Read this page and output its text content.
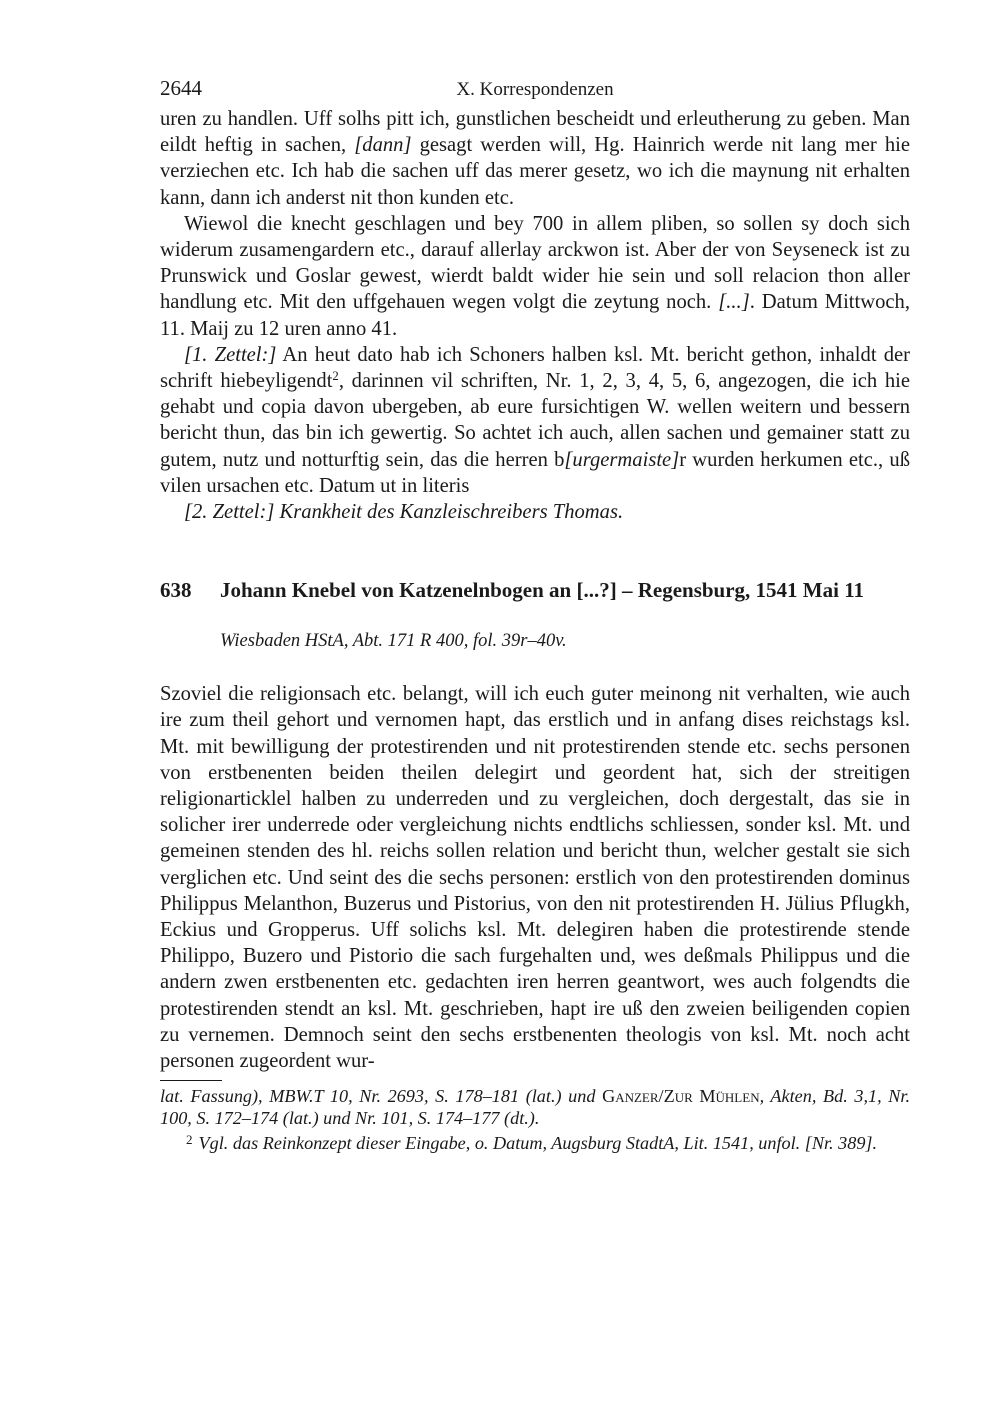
2644	X. Korrespondenzen

uren zu handlen. Uff solhs pitt ich, gunstlichen bescheidt und erleutherung zu geben. Man eildt heftig in sachen, [dann] gesagt werden will, Hg. Hainrich werde nit lang mer hie verziechen etc. Ich hab die sachen uff das merer gesetz, wo ich die maynung nit erhalten kann, dann ich anderst nit thon kunden etc.

Wiewol die knecht geschlagen und bey 700 in allem pliben, so sollen sy doch sich widerum zusamengardern etc., darauf allerlay arckwon ist. Aber der von Seyseneck ist zu Prunswick und Goslar gewest, wierdt baldt wider hie sein und soll relacion thon aller handlung etc. Mit den uffgehauen wegen volgt die zeytung noch. [...]. Datum Mittwoch, 11. Maij zu 12 uren anno 41.

[1. Zettel:] An heut dato hab ich Schoners halben ksl. Mt. bericht gethon, inhaldt der schrift hiebeyligendt$^2$, darinnen vil schriften, Nr. 1, 2, 3, 4, 5, 6, angezogen, die ich hie gehabt und copia davon ubergeben, ab eure fursichtigen W. wellen weitern und bessern bericht thun, das bin ich gewertig. So achtet ich auch, allen sachen und gemainer statt zu gutem, nutz und notturftig sein, das die herren b[urgermaiste]r wurden herkumen etc., uß vilen ursachen etc. Datum ut in literis

[2. Zettel:] Krankheit des Kanzleischreibers Thomas.

638	Johann Knebel von Katzenelnbogen an [...?] – Regensburg, 1541 Mai 11
Wiesbaden HStA, Abt. 171 R 400, fol. 39r–40v.

Szoviel die religionsach etc. belangt, will ich euch guter meinong nit verhalten, wie auch ire zum theil gehort und vernomen hapt, das erstlich und in anfang dises reichstags ksl. Mt. mit bewilligung der protestirenden und nit protestirenden stende etc. sechs personen von erstbenenten beiden theilen delegirt und geordent hat, sich der streitigen religionarticklel halben zu underreden und zu vergleichen, doch dergestalt, das sie in solicher irer underrede oder vergleichung nichts endtlichs schliessen, sonder ksl. Mt. und gemeinen stenden des hl. reichs sollen relation und bericht thun, welcher gestalt sie sich verglichen etc. Und seint des die sechs personen: erstlich von den protestirenden dominus Philippus Melanthon, Buzerus und Pistorius, von den nit protestirenden H. Jülius Pflugkh, Eckius und Gropperus. Uff solichs ksl. Mt. delegiren haben die protestirende stende Philippo, Buzero und Pistorio die sach furgehalten und, wes deßmals Philippus und die andern zwen erstbenenten etc. gedachten iren herren geantwort, wes auch folgendts die protestirenden stendt an ksl. Mt. geschrieben, hapt ire uß den zweien beiligenden copien zu vernemen. Demnoch seint den sechs erstbenenten theologis von ksl. Mt. noch acht personen zugeordent wur-

lat. Fassung), MBW.T 10, Nr. 2693, S. 178–181 (lat.) und Ganzer/Zur Mühlen, Akten, Bd. 3,1, Nr. 100, S. 172–174 (lat.) und Nr. 101, S. 174–177 (dt.).

$^2$ Vgl. das Reinkonzept dieser Eingabe, o. Datum, Augsburg StadtA, Lit. 1541, unfol. [Nr. 389].
